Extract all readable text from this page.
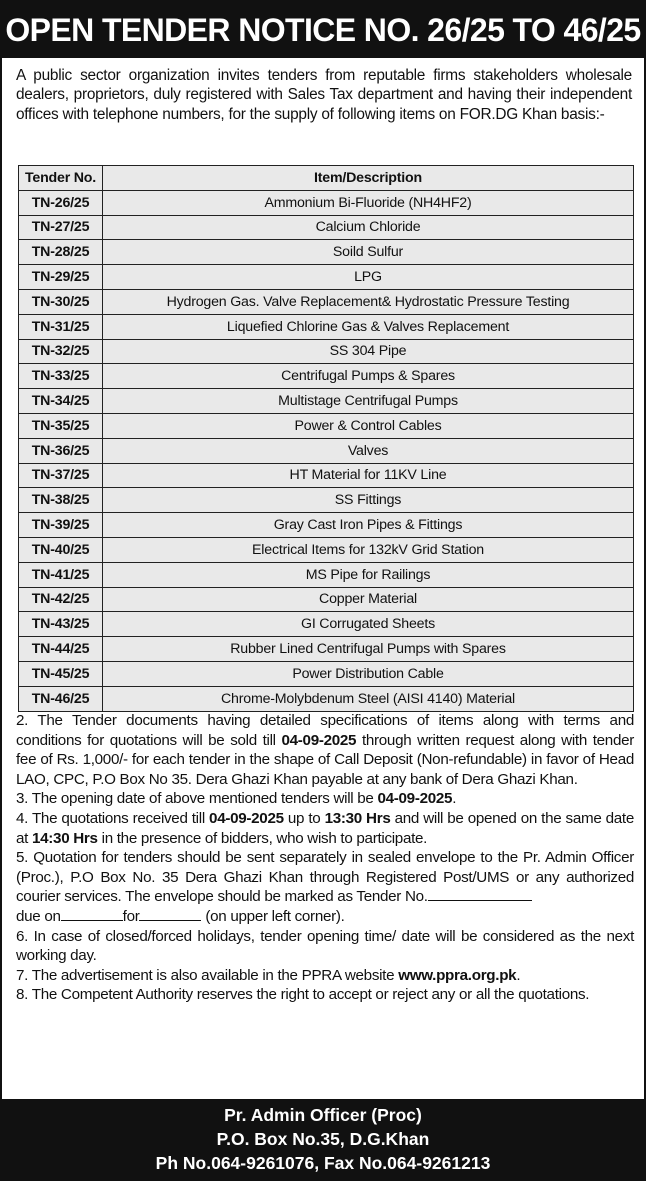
OPEN TENDER NOTICE NO. 26/25 TO 46/25
A public sector organization invites tenders from reputable firms stakeholders wholesale dealers, proprietors, duly registered with Sales Tax department and having their independent offices with telephone numbers, for the supply of following items on FOR.DG Khan basis:-
Tender No.	Item/Description
TN-26/25	Ammonium Bi-Fluoride (NH4HF2)
TN-27/25	Calcium Chloride
TN-28/25	Soild Sulfur
TN-29/25	LPG
TN-30/25	Hydrogen Gas. Valve Replacement& Hydrostatic Pressure Testing
TN-31/25	Liquefied Chlorine Gas & Valves Replacement
TN-32/25	SS 304 Pipe
TN-33/25	Centrifugal Pumps & Spares
TN-34/25	Multistage Centrifugal Pumps
TN-35/25	Power & Control Cables
TN-36/25	Valves
TN-37/25	HT Material for 11KV Line
TN-38/25	SS Fittings
TN-39/25	Gray Cast Iron Pipes & Fittings
TN-40/25	Electrical Items for 132kV Grid Station
TN-41/25	MS Pipe for Railings
TN-42/25	Copper Material
TN-43/25	GI Corrugated Sheets
TN-44/25	Rubber Lined Centrifugal Pumps with Spares
TN-45/25	Power Distribution Cable
TN-46/25	Chrome-Molybdenum Steel (AISI 4140) Material

2. The Tender documents having detailed specifications of items along with terms and conditions for quotations will be sold till 04-09-2025 through written request along with tender fee of Rs. 1,000/- for each tender in the shape of Call Deposit (Non-refundable) in favor of Head LAO, CPC, P.O Box No 35. Dera Ghazi Khan payable at any bank of Dera Ghazi Khan.

3. The opening date of above mentioned tenders will be 04-09-2025.

4. The quotations received till 04-09-2025 up to 13:30 Hrs and will be opened on the same date at 14:30 Hrs in the presence of bidders, who wish to participate.

5. Quotation for tenders should be sent separately in sealed envelope to the Pr. Admin Officer (Proc.), P.O Box No. 35 Dera Ghazi Khan through Registered Post/UMS or any authorized courier services. The envelope should be marked as Tender No.
due on	for	(on upper left corner).

6. In case of closed/forced holidays, tender opening time/ date will be considered as the next working day.

7. The advertisement is also available in the PPRA website www.ppra.org.pk.

8. The Competent Authority reserves the right to accept or reject any or all the quotations.

Pr. Admin Officer (Proc)
P.O. Box No.35, D.G.Khan
Ph No.064-9261076, Fax No.064-9261213
